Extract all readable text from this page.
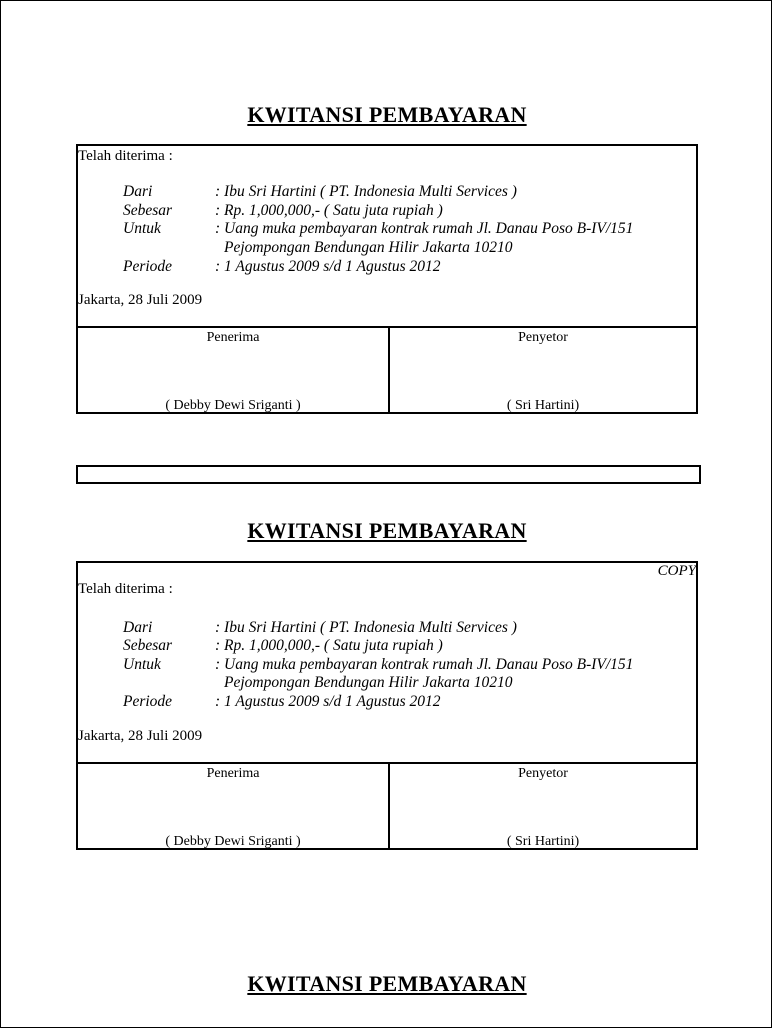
KWITANSI PEMBAYARAN
Telah diterima :
Dari	: Ibu Sri Hartini ( PT. Indonesia Multi Services )
Sebesar	: Rp. 1,000,000,- ( Satu juta rupiah )
Untuk	: Uang muka pembayaran kontrak rumah Jl. Danau Poso B-IV/151
Pejompongan Bendungan Hilir Jakarta 10210
Periode	: 1 Agustus 2009 s/d 1 Agustus 2012
Jakarta, 28 Juli 2009
Penerima
( Debby Dewi Sriganti )
Penyetor
( Sri Hartini)
KWITANSI PEMBAYARAN
COPY
Telah diterima :
Dari	: Ibu Sri Hartini ( PT. Indonesia Multi Services )
Sebesar	: Rp. 1,000,000,- ( Satu juta rupiah )
Untuk	: Uang muka pembayaran kontrak rumah Jl. Danau Poso B-IV/151
Pejompongan Bendungan Hilir Jakarta 10210
Periode	: 1 Agustus 2009 s/d 1 Agustus 2012
Jakarta, 28 Juli 2009
Penerima
( Debby Dewi Sriganti )
Penyetor
( Sri Hartini)
KWITANSI PEMBAYARAN
